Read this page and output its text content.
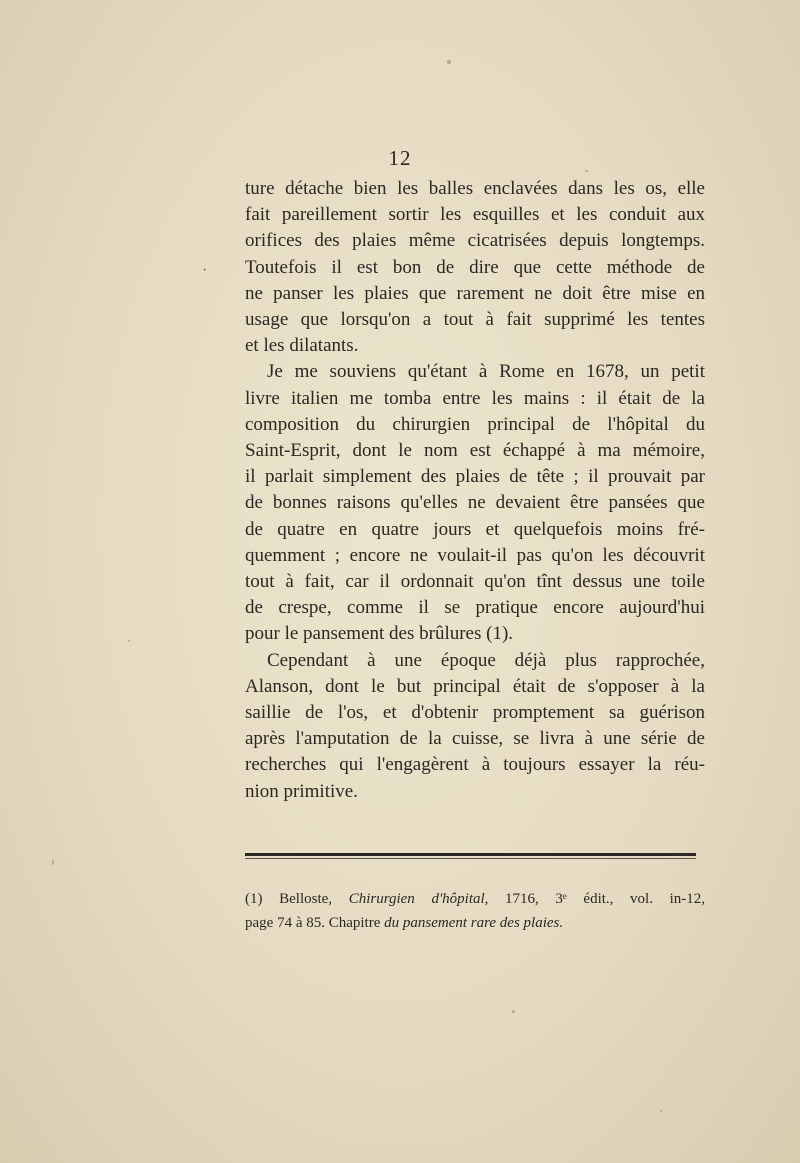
·
12
ture détache bien les balles enclavées dans les os, elle
fait pareillement sortir les esquilles et les conduit aux
orifices des plaies même cicatrisées depuis longtemps.
Toutefois il est bon de dire que cette méthode de
ne panser les plaies que rarement ne doit être mise en
usage que lorsqu'on a tout à fait supprimé les tentes
et les dilatants.
Je me souviens qu'étant à Rome en 1678, un petit
livre italien me tomba entre les mains : il était de la
composition du chirurgien principal de l'hôpital du
Saint-Esprit, dont le nom est échappé à ma mémoire,
il parlait simplement des plaies de tête ; il prouvait par
de bonnes raisons qu'elles ne devaient être pansées que
de quatre en quatre jours et quelquefois moins fré-
quemment ; encore ne voulait-il pas qu'on les découvrit
tout à fait, car il ordonnait qu'on tînt dessus une toile
de crespe, comme il se pratique encore aujourd'hui
pour le pansement des brûlures (1).
Cependant à une époque déjà plus rapprochée,
Alanson, dont le but principal était de s'opposer à la
saillie de l'os, et d'obtenir promptement sa guérison
après l'amputation de la cuisse, se livra à une série de
recherches qui l'engagèrent à toujours essayer la réu-
nion primitive.
(1) Belloste, Chirurgien d'hôpital, 1716, 3ᵉ édit., vol. in-12,
page 74 à 85. Chapitre du pansement rare des plaies.
